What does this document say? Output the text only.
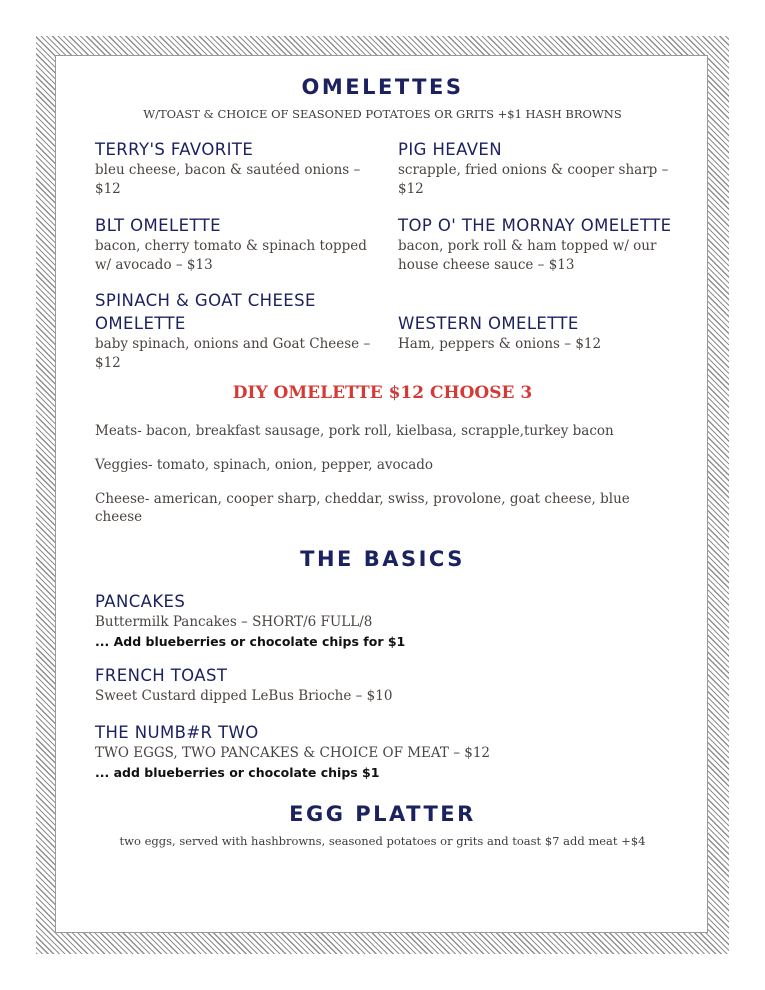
OMELETTES

W/TOAST & CHOICE OF SEASONED POTATOES OR GRITS +$1 HASH BROWNS

TERRY'S FAVORITE

bleu cheese, bacon & sautéed onions – $12

BLT OMELETTE

bacon, cherry tomato & spinach topped w/ avocado – $13

SPINACH & GOAT CHEESE OMELETTE

baby spinach, onions and Goat Cheese – $12

PIG HEAVEN

scrapple, fried onions & cooper sharp – $12

TOP O' THE MORNAY OMELETTE

bacon, pork roll & ham topped w/ our house cheese sauce – $13

WESTERN OMELETTE

Ham, peppers & onions – $12

DIY OMELETTE $12 CHOOSE 3

Meats- bacon, breakfast sausage, pork roll, kielbasa, scrapple,turkey bacon

Veggies- tomato, spinach, onion, pepper, avocado

Cheese- american, cooper sharp, cheddar, swiss, provolone, goat cheese, blue cheese

THE BASICS

PANCAKES

Buttermilk Pancakes – SHORT/6 FULL/8

... Add blueberries or chocolate chips for $1

FRENCH TOAST

Sweet Custard dipped LeBus Brioche – $10

THE NUMB#R TWO

TWO EGGS, TWO PANCAKES & CHOICE OF MEAT – $12

... add blueberries or chocolate chips $1

EGG PLATTER

two eggs, served with hashbrowns, seasoned potatoes or grits and toast $7 add meat +$4
